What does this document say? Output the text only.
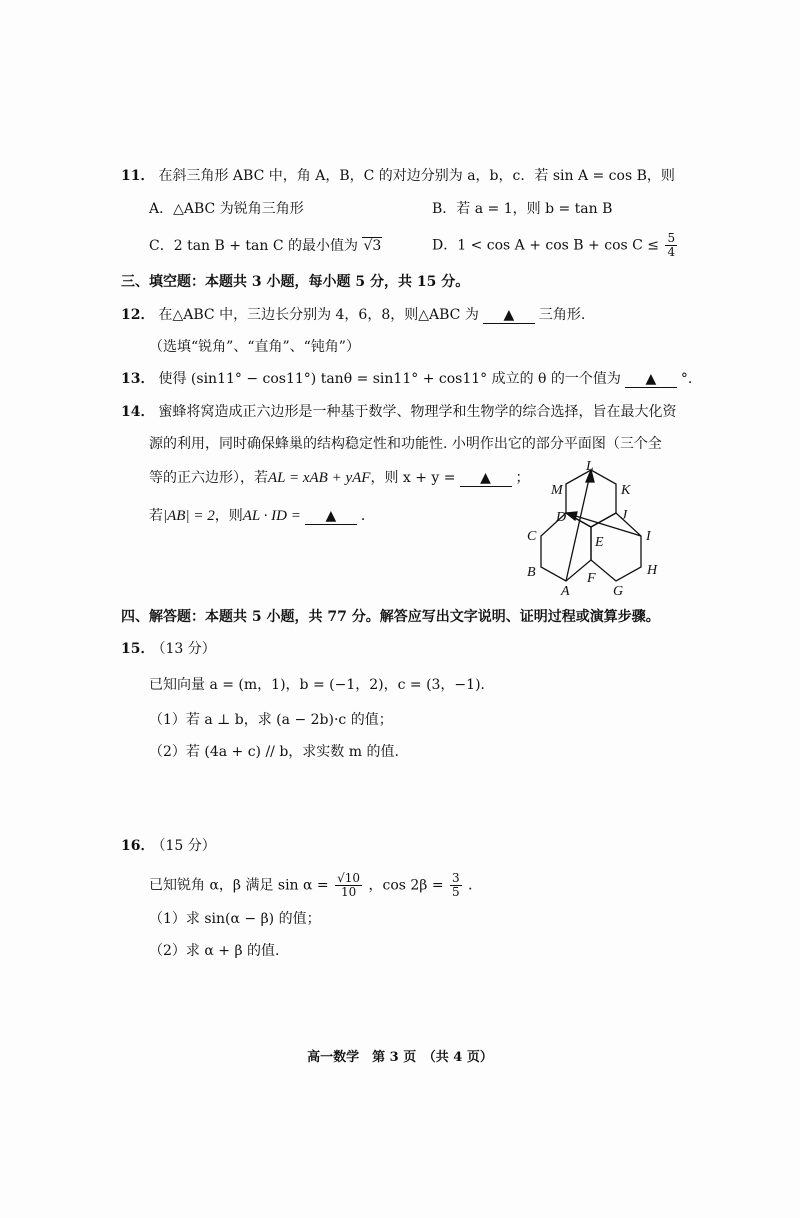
11． 在斜三角形 ABC 中，角 A，B，C 的对边分别为 a，b，c．若 sin A = cos B，则
A．△ABC 为锐角三角形	B．若 a = 1，则 b = tan B
C．2 tan B + tan C 的最小值为 √3	D．$1 < \cos A + \cos B + \cos C \le \frac{5}{4}$
三、填空题：本题共 3 小题，每小题 5 分，共 15 分。
12． 在△ABC 中，三边长分别为 4，6，8，则△ABC 为 ▲ 三角形.
（选填“锐角”、“直角”、“钝角”）
13． 使得 (sin11° − cos11°) tanθ = sin11° + cos11° 成立的 θ 的一个值为 ▲ °.
14． 蜜蜂将窝造成正六边形是一种基于数学、物理学和生物学的综合选择，旨在最大化资
源的利用，同时确保蜂巢的结构稳定性和功能性. 小明作出它的部分平面图（三个全
等的正六边形），若AL = xAB + yAF，则 x + y = ▲ ；
若|AB| = 2，则AL · ID = ▲ ．
L
M	K
D	J
C	E	I
B	F
H
A	G
四、解答题：本题共 5 小题，共 77 分。解答应写出文字说明、证明过程或演算步骤。
15． （13 分）
已知向量 a = (m，1)，b = (−1，2)，c = (3，−1)．
（1）若 a ⊥ b，求 (a − 2b)·c 的值；
（2）若 (4a + c) // b，求实数 m 的值.
16． （15 分）
已知锐角 α，β 满足 $\sin \alpha = \frac{√10}{10}$ ，$\cos 2\beta = \frac{3}{5}$ ．
（1）求 sin(α − β) 的值；
（2）求 α + β 的值.
高一数学　第 3 页　（共 4 页）
